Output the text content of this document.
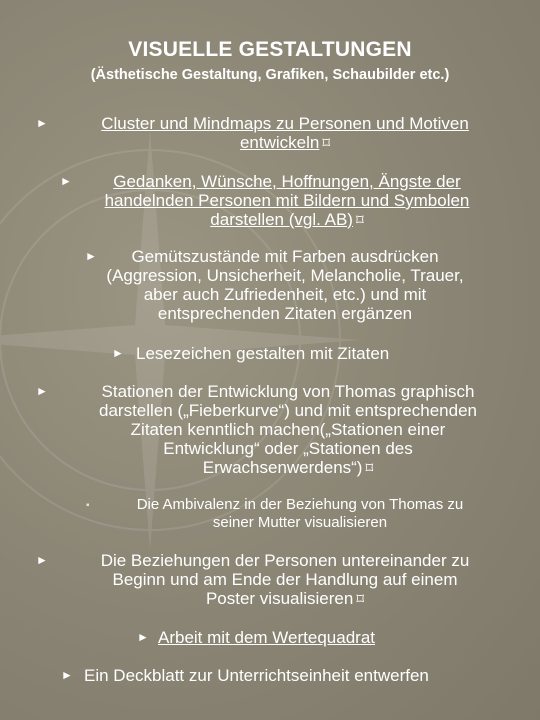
VISUELLE GESTALTUNGEN
(Ästhetische Gestaltung, Grafiken, Schaubilder etc.)
►	Cluster und Mindmaps zu Personen und Motiven
entwickeln ⌑
►	Gedanken, Wünsche, Hoffnungen, Ängste der
handelnden Personen mit Bildern und Symbolen
darstellen (vgl. AB) ⌑
►	Gemütszustände mit Farben ausdrücken
(Aggression, Unsicherheit, Melancholie, Trauer,
aber auch Zufriedenheit, etc.) und mit
entsprechenden Zitaten ergänzen
► Lesezeichen gestalten mit Zitaten
►	Stationen der Entwicklung von Thomas graphisch
darstellen („Fieberkurve“) und mit entsprechenden
Zitaten kenntlich machen(„Stationen einer
Entwicklung“ oder „Stationen des
Erwachsenwerdens“) ⌑
▪	Die Ambivalenz in der Beziehung von Thomas zu
seiner Mutter visualisieren
►	Die Beziehungen der Personen untereinander zu
Beginn und am Ende der Handlung auf einem
Poster visualisieren ⌑
► Arbeit mit dem Wertequadrat
► Ein Deckblatt zur Unterrichtseinheit entwerfen
